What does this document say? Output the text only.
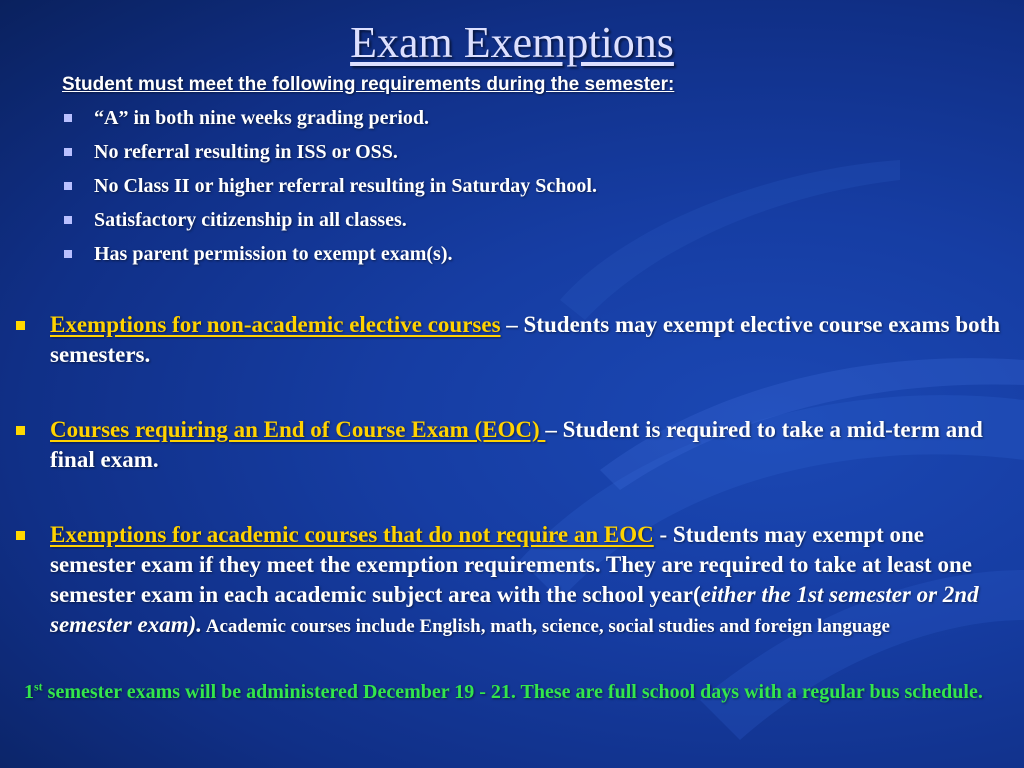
Exam Exemptions
Student must meet the following requirements during the semester:
“A” in both nine weeks grading period.
No referral resulting in ISS or OSS.
No Class II or higher referral resulting in Saturday School.
Satisfactory citizenship in all classes.
Has parent permission to exempt exam(s).
Exemptions for non-academic elective courses – Students may exempt elective course exams both semesters.
Courses requiring an End of Course Exam (EOC) – Student is required to take a mid-term and final exam.
Exemptions for academic courses that do not require an EOC - Students may exempt one semester exam if they meet the exemption requirements. They are required to take at least one semester exam in each academic subject area with the school year(either the 1st semester or 2nd semester exam). Academic courses include English, math, science, social studies and foreign language
1st semester exams will be administered December 19 - 21. These are full school days with a regular bus schedule.
